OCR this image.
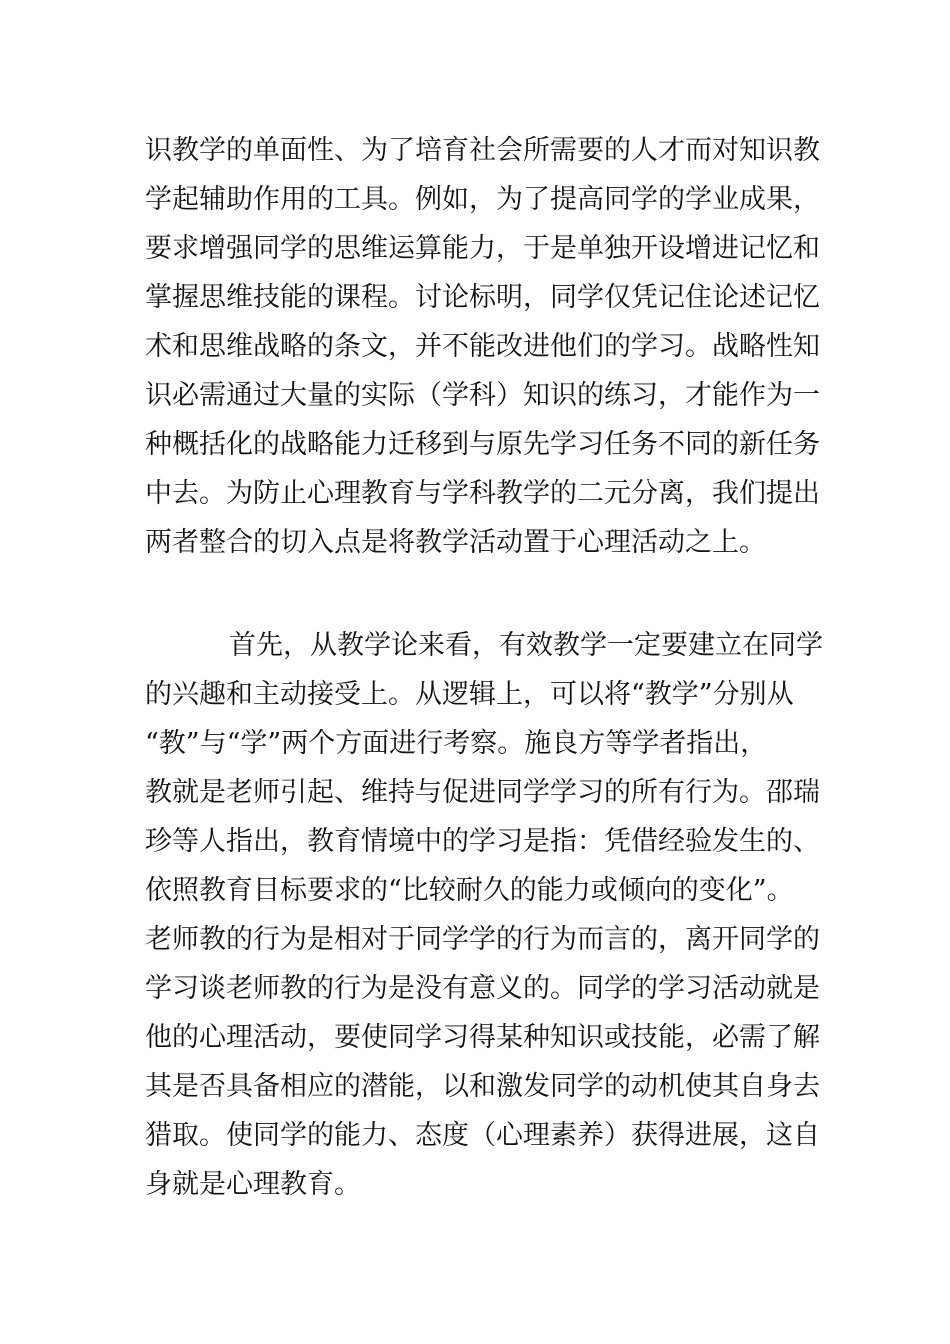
识教学的单面性、为了培育社会所需要的人才而对知识教
学起辅助作用的工具。例如，为了提高同学的学业成果，
要求增强同学的思维运算能力，于是单独开设增进记忆和
掌握思维技能的课程。讨论标明，同学仅凭记住论述记忆
术和思维战略的条文，并不能改进他们的学习。战略性知
识必需通过大量的实际（学科）知识的练习，才能作为一
种概括化的战略能力迁移到与原先学习任务不同的新任务
中去。为防止心理教育与学科教学的二元分离，我们提出
两者整合的切入点是将教学活动置于心理活动之上。
首先，从教学论来看，有效教学一定要建立在同学
的兴趣和主动接受上。从逻辑上，可以将“教学”分别从
“教”与“学”两个方面进行考察。施良方等学者指出，
教就是老师引起、维持与促进同学学习的所有行为。邵瑞
珍等人指出，教育情境中的学习是指：凭借经验发生的、
依照教育目标要求的“比较耐久的能力或倾向的变化”。
老师教的行为是相对于同学学的行为而言的，离开同学的
学习谈老师教的行为是没有意义的。同学的学习活动就是
他的心理活动，要使同学习得某种知识或技能，必需了解
其是否具备相应的潜能，以和激发同学的动机使其自身去
猎取。使同学的能力、态度（心理素养）获得进展，这自
身就是心理教育。
